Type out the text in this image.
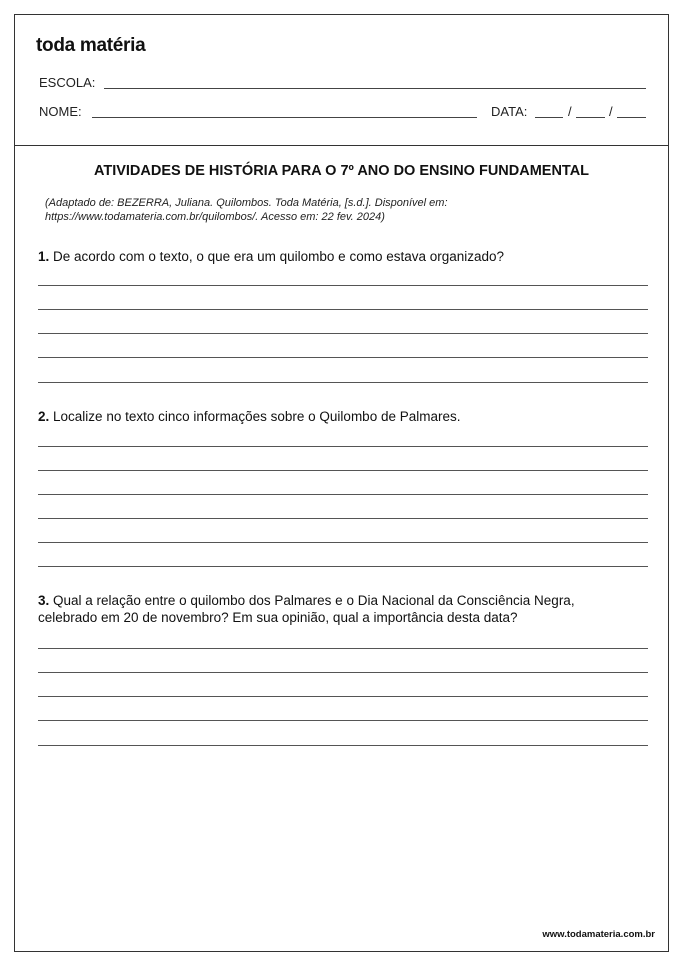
toda matéria
ESCOLA:
NOME:	DATA:	/	/
ATIVIDADES DE HISTÓRIA PARA O 7º ANO DO ENSINO FUNDAMENTAL
(Adaptado de: BEZERRA, Juliana. Quilombos. Toda Matéria, [s.d.]. Disponível em:
https://www.todamateria.com.br/quilombos/. Acesso em: 22 fev. 2024)
1. De acordo com o texto, o que era um quilombo e como estava organizado?
2. Localize no texto cinco informações sobre o Quilombo de Palmares.
3. Qual a relação entre o quilombo dos Palmares e o Dia Nacional da Consciência Negra,
celebrado em 20 de novembro? Em sua opinião, qual a importância desta data?
www.todamateria.com.br
